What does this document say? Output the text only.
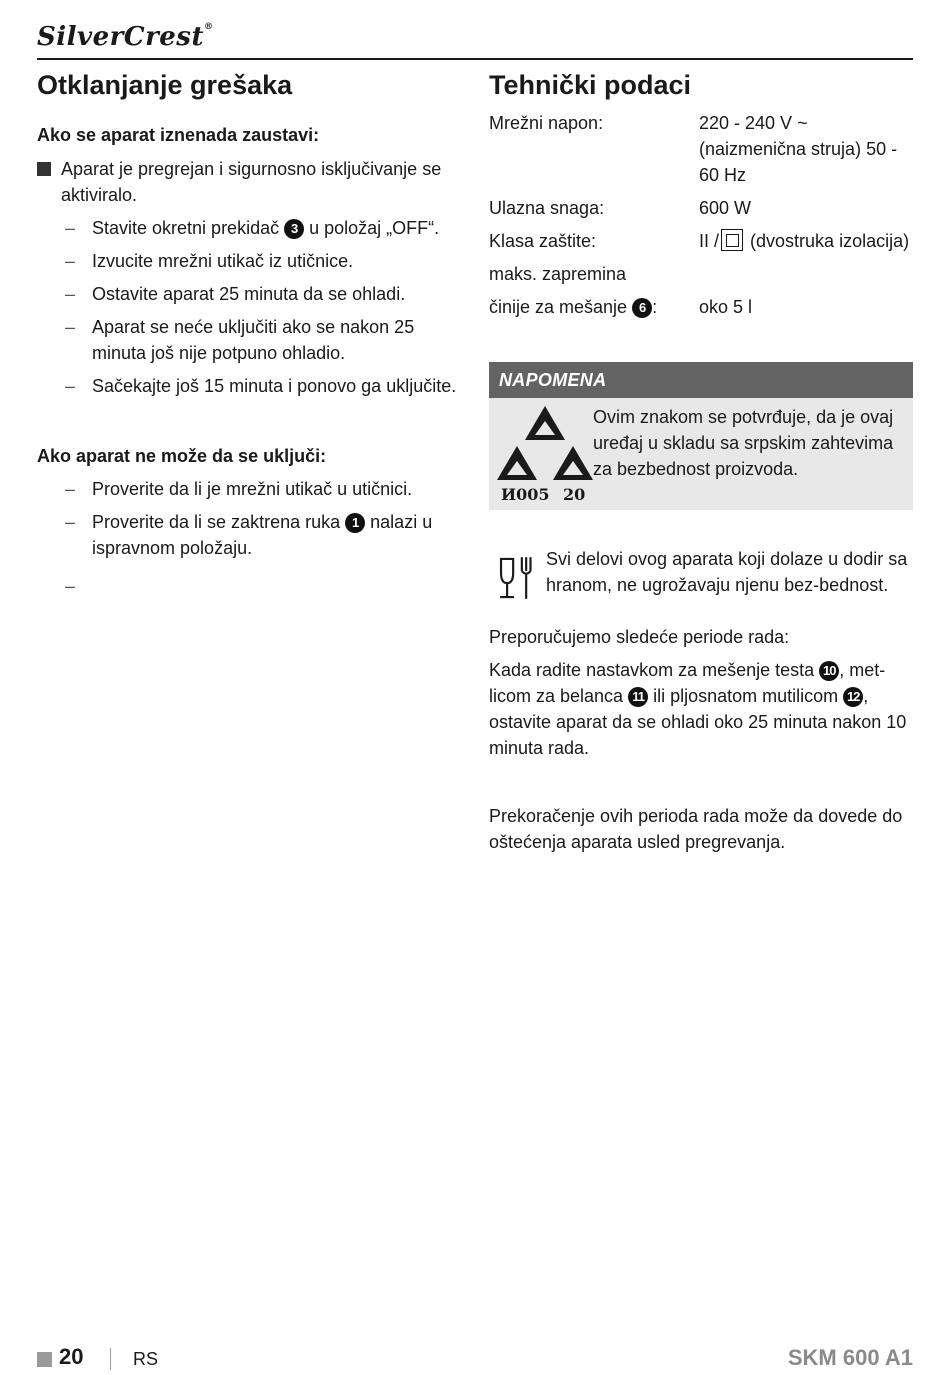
SilverCrest®
Otklanjanje grešaka
Ako se aparat iznenada zaustavi:
Aparat je pregrejan i sigurnosno isključivanje se aktiviralo.
– Stavite okretni prekidač 3 u položaj „OFF“.
– Izvucite mrežni utikač iz utičnice.
– Ostavite aparat 25 minuta da se ohladi.
– Aparat se neće uključiti ako se nakon 25 minuta još nije potpuno ohladio.
– Sačekajte još 15 minuta i ponovo ga uključite.
Ako aparat ne može da se uključi:
– Proverite da li je mrežni utikač u utičnici.
– Proverite da li se zaktrena ruka 1 nalazi u ispravnom položaju.
–

Tehnički podaci
Mrežni napon:	220 - 240 V ~ (naizmenična struja) 50 - 60 Hz
Ulazna snaga:	600 W
Klasa zaštite:	II / (dvostruka izolacija)
maks. zapremina
činije za mešanje 6 :	oko 5 l
NAPOMENA
И005 20
Ovim znakom se potvrđuje, da je ovaj uređaj u skladu sa srpskim zahtevima za bezbednost proizvoda.
Svi delovi ovog aparata koji dolaze u dodir sa hranom, ne ugrožavaju njenu bez-bednost.
Preporučujemo sledeće periode rada:
Kada radite nastavkom za mešenje testa 10 , met-licom za belanca 11 ili pljosnatom mutilicom 12 , ostavite aparat da se ohladi oko 25 minuta nakon 10 minuta rada.
Prekoračenje ovih perioda rada može da dovede do oštećenja aparata usled pregrevanja.
20	RS	SKM 600 A1
